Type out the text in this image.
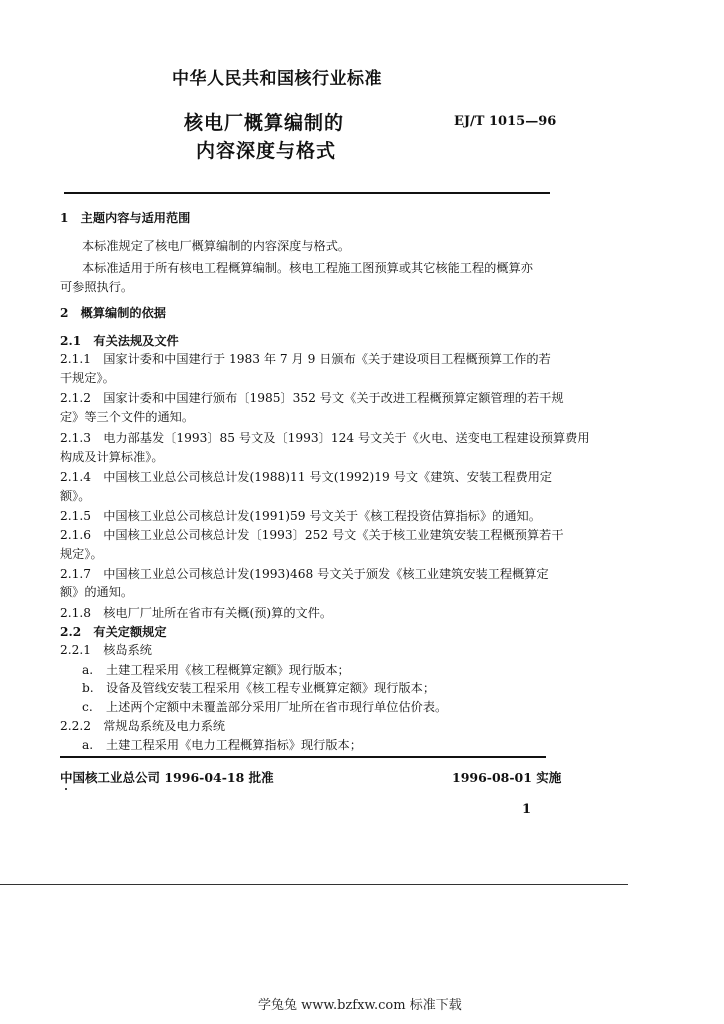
中华人民共和国核行业标准
核电厂概算编制的
内容深度与格式
EJ/T 1015—96
1　主题内容与适用范围
本标准规定了核电厂概算编制的内容深度与格式。
本标准适用于所有核电工程概算编制。核电工程施工图预算或其它核能工程的概算亦
可参照执行。
2　概算编制的依据
2.1　有关法规及文件
2.1.1　国家计委和中国建行于 1983 年 7 月 9 日颁布《关于建设项目工程概预算工作的若
干规定》。
2.1.2　国家计委和中国建行颁布〔1985〕352 号文《关于改进工程概预算定额管理的若干规
定》等三个文件的通知。
2.1.3　电力部基发〔1993〕85 号文及〔1993〕124 号文关于《火电、送变电工程建设预算费用
构成及计算标准》。
2.1.4　中国核工业总公司核总计发(1988)11 号文(1992)19 号文《建筑、安装工程费用定
额》。
2.1.5　中国核工业总公司核总计发(1991)59 号文关于《核工程投资估算指标》的通知。
2.1.6　中国核工业总公司核总计发〔1993〕252 号文《关于核工业建筑安装工程概预算若干
规定》。
2.1.7　中国核工业总公司核总计发(1993)468 号文关于颁发《核工业建筑安装工程概算定
额》的通知。
2.1.8　核电厂厂址所在省市有关概(预)算的文件。
2.2　有关定额规定
2.2.1　核岛系统
a. 土建工程采用《核工程概算定额》现行版本；
b. 设备及管线安装工程采用《核工程专业概算定额》现行版本；
c. 上述两个定额中未覆盖部分采用厂址所在省市现行单位估价表。
2.2.2　常规岛系统及电力系统
a. 土建工程采用《电力工程概算指标》现行版本；
中国核工业总公司 1996-04-18 批准	1996-08-01 实施
1
学兔兔 www.bzfxw.com 标准下载
